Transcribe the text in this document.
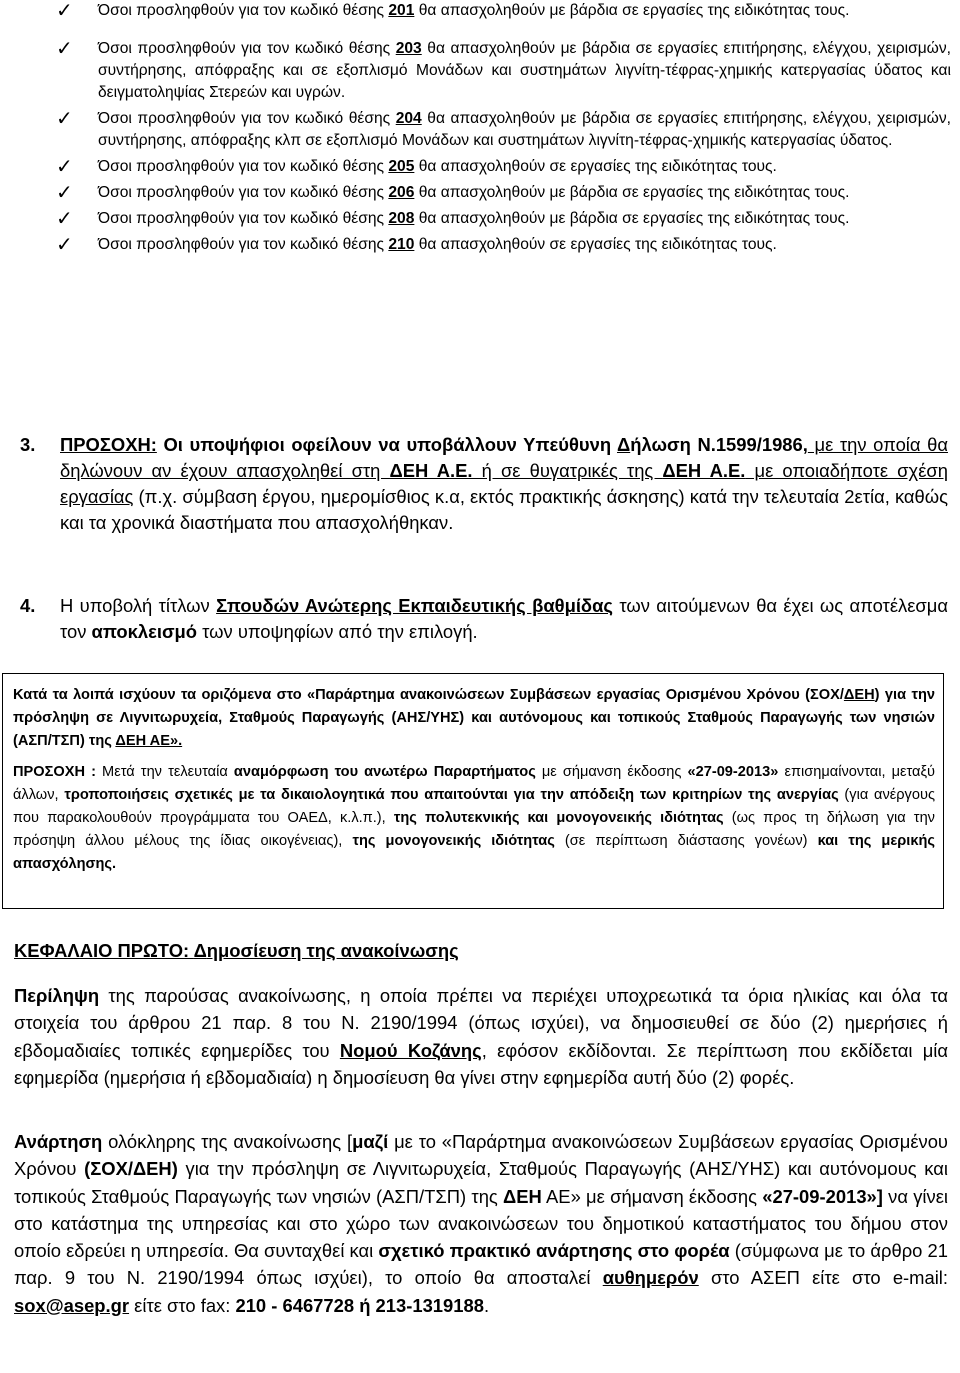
✓ Όσοι προσληφθούν για τον κωδικό θέσης 201 θα απασχοληθούν με βάρδια σε εργασίες της ειδικότητας τους.
✓ Όσοι προσληφθούν για τον κωδικό θέσης 203 θα απασχοληθούν με βάρδια σε εργασίες επιτήρησης, ελέγχου, χειρισμών, συντήρησης, απόφραξης και σε εξοπλισμό Μονάδων και συστημάτων λιγνίτη-τέφρας-χημικής κατεργασίας ύδατος και δειγματοληψίας Στερεών και υγρών.
✓ Όσοι προσληφθούν για τον κωδικό θέσης 204 θα απασχοληθούν με βάρδια σε εργασίες επιτήρησης, ελέγχου, χειρισμών, συντήρησης, απόφραξης κλπ σε εξοπλισμό Μονάδων και συστημάτων λιγνίτη-τέφρας-χημικής κατεργασίας ύδατος.
✓ Όσοι προσληφθούν για τον κωδικό θέσης 205 θα απασχοληθούν σε εργασίες της ειδικότητας τους.
✓ Όσοι προσληφθούν για τον κωδικό θέσης 206 θα απασχοληθούν με βάρδια σε εργασίες της ειδικότητας τους.
✓ Όσοι προσληφθούν για τον κωδικό θέσης 208 θα απασχοληθούν με βάρδια σε εργασίες της ειδικότητας τους.
✓ Όσοι προσληφθούν για τον κωδικό θέσης 210 θα απασχοληθούν σε εργασίες της ειδικότητας τους.
3. ΠΡΟΣΟΧΗ: Οι υποψήφιοι οφείλουν να υποβάλλουν Υπεύθυνη Δήλωση Ν.1599/1986, με την οποία θα δηλώνουν αν έχουν απασχοληθεί στη ΔΕΗ Α.Ε. ή σε θυγατρικές της ΔΕΗ Α.Ε. με οποιαδήποτε σχέση εργασίας (π.χ. σύμβαση έργου, ημερομίσθιος κ.α, εκτός πρακτικής άσκησης) κατά την τελευταία 2ετία, καθώς και τα χρονικά διαστήματα που απασχολήθηκαν.
4. Η υποβολή τίτλων Σπουδών Ανώτερης Εκπαιδευτικής βαθμίδας των αιτούμενων θα έχει ως αποτέλεσμα τον αποκλεισμό των υποψηφίων από την επιλογή.

Κατά τα λοιπά ισχύουν τα οριζόμενα στο «Παράρτημα ανακοινώσεων Συμβάσεων εργασίας Ορισμένου Χρόνου (ΣΟΧ/ΔΕΗ) για την πρόσληψη σε Λιγνιτωρυχεία, Σταθμούς Παραγωγής (ΑΗΣ/ΥΗΣ) και αυτόνομους και τοπικούς Σταθμούς Παραγωγής των νησιών (ΑΣΠ/ΤΣΠ) της ΔΕΗ ΑΕ».

ΠΡΟΣΟΧΗ : Μετά την τελευταία αναμόρφωση του ανωτέρω Παραρτήματος με σήμανση έκδοσης «27-09-2013» επισημαίνονται, μεταξύ άλλων, τροποποιήσεις σχετικές με τα δικαιολογητικά που απαιτούνται για την απόδειξη των κριτηρίων της ανεργίας (για ανέργους που παρακολουθούν προγράμματα του ΟΑΕΔ, κ.λ.π.), της πολυτεκνικής και μονογονεικής ιδιότητας (ως προς τη δήλωση για την πρόσηψη άλλου μέλους της ίδιας οικογένειας), της μονογονεικής ιδιότητας (σε περίπτωση διάστασης γονέων) και της μερικής απασχόλησης.

ΚΕΦΑΛΑΙΟ ΠΡΩΤΟ: Δημοσίευση της ανακοίνωσης

Περίληψη της παρούσας ανακοίνωσης, η οποία πρέπει να περιέχει υποχρεωτικά τα όρια ηλικίας και όλα τα στοιχεία του άρθρου 21 παρ. 8 του Ν. 2190/1994 (όπως ισχύει), να δημοσιευθεί σε δύο (2) ημερήσιες ή εβδομαδιαίες τοπικές εφημερίδες του Νομού Κοζάνης, εφόσον εκδίδονται. Σε περίπτωση που εκδίδεται μία εφημερίδα (ημερήσια ή εβδομαδιαία) η δημοσίευση θα γίνει στην εφημερίδα αυτή δύο (2) φορές.

Ανάρτηση ολόκληρης της ανακοίνωσης [μαζί με το «Παράρτημα ανακοινώσεων Συμβάσεων εργασίας Ορισμένου Χρόνου (ΣΟΧ/ΔΕΗ) για την πρόσληψη σε Λιγνιτωρυχεία, Σταθμούς Παραγωγής (ΑΗΣ/ΥΗΣ) και αυτόνομους και τοπικούς Σταθμούς Παραγωγής των νησιών (ΑΣΠ/ΤΣΠ) της ΔΕΗ ΑΕ» με σήμανση έκδοσης «27-09-2013»] να γίνει στο κατάστημα της υπηρεσίας και στο χώρο των ανακοινώσεων του δημοτικού καταστήματος του δήμου στον οποίο εδρεύει η υπηρεσία. Θα συνταχθεί και σχετικό πρακτικό ανάρτησης στο φορέα (σύμφωνα με το άρθρο 21 παρ. 9 του Ν. 2190/1994 όπως ισχύει), το οποίο θα αποσταλεί αυθημερόν στο ΑΣΕΠ είτε στο e-mail: sox@asep.gr είτε στο fax: 210 - 6467728 ή 213-1319188.
